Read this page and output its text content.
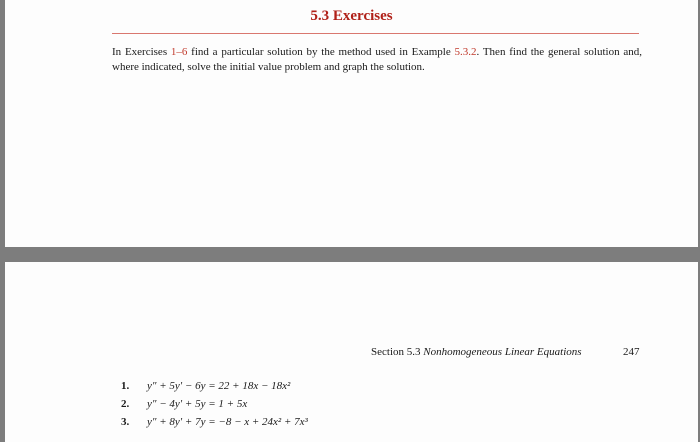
5.3 Exercises
In Exercises 1–6 find a particular solution by the method used in Example 5.3.2. Then find the general solution and, where indicated, solve the initial value problem and graph the solution.
Section 5.3 Nonhomogeneous Linear Equations	247
1.	y″ + 5y′ − 6y = 22 + 18x − 18x²
2.	y″ − 4y′ + 5y = 1 + 5x
3.	y″ + 8y′ + 7y = −8 − x + 24x² + 7x³
